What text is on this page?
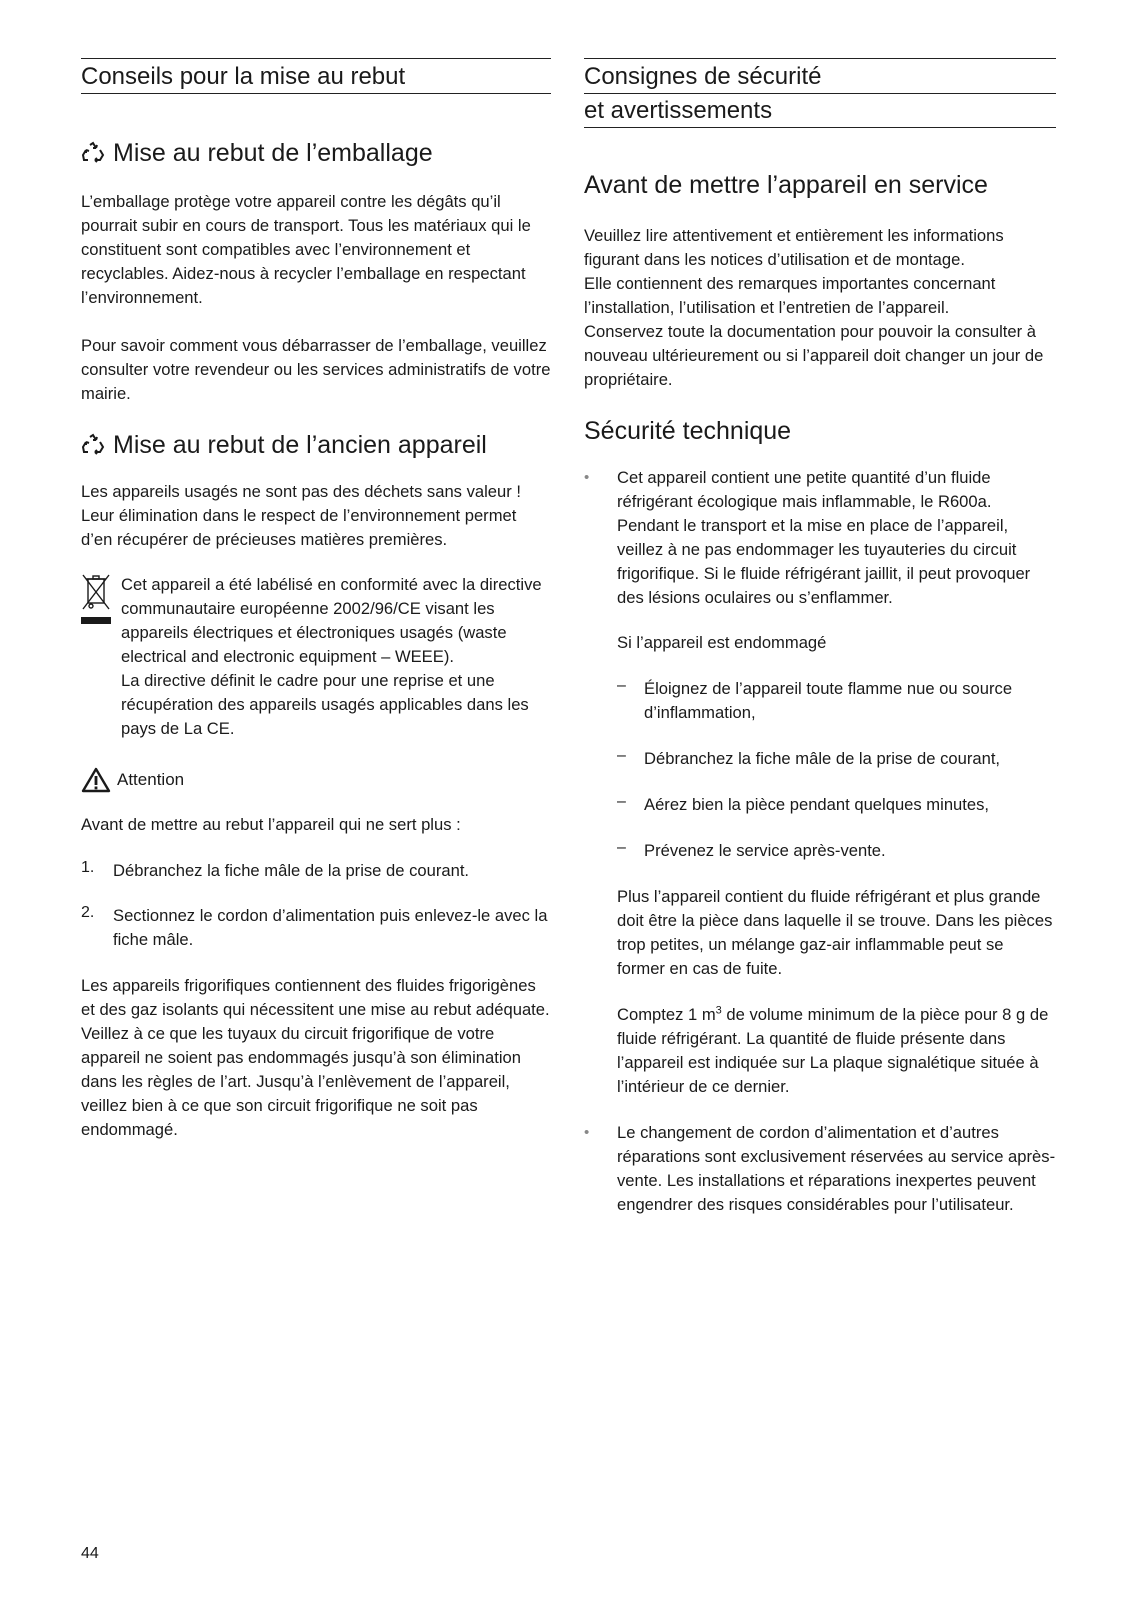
Conseils pour la mise au rebut
Mise au rebut de l’emballage

L’emballage protège votre appareil contre les dégâts qu’il pourrait subir en cours de transport. Tous les matériaux qui le constituent sont compatibles avec l’environnement et recyclables. Aidez-nous à recycler l’emballage en respectant l’environnement.

Pour savoir comment vous débarrasser de l’emballage, veuillez consulter votre revendeur ou les services administratifs de votre mairie.

Mise au rebut de l’ancien appareil

Les appareils usagés ne sont pas des déchets sans valeur !

Leur élimination dans le respect de l’environnement permet d’en récupérer de précieuses matières premières.

Cet appareil a été labélisé en conformité avec la directive communautaire européenne 2002/96/CE visant les appareils électriques et électroniques usagés (waste electrical and electronic equipment – WEEE).

La directive définit le cadre pour une reprise et une récupération des appareils usagés applicables dans les pays de La CE.

Attention

Avant de mettre au rebut l’appareil qui ne sert plus :

1.	Débranchez la fiche mâle de la prise de courant.

2.	Sectionnez le cordon d’alimentation puis enlevez-le avec la fiche mâle.

Les appareils frigorifiques contiennent des fluides frigorigènes et des gaz isolants qui nécessitent une mise au rebut adéquate. Veillez à ce que les tuyaux du circuit frigorifique de votre appareil ne soient pas endommagés jusqu’à son élimination dans les règles de l’art. Jusqu’à l’enlèvement de l’appareil, veillez bien à ce que son circuit frigorifique ne soit pas endommagé.

Consignes de sécurité
et avertissements
Avant de mettre l’appareil en service

Veuillez lire attentivement et entièrement les informations figurant dans les notices d’utilisation et de montage.

Elle contiennent des remarques importantes concernant l’installation, l’utilisation et l’entretien de l’appareil.

Conservez toute la documentation pour pouvoir la consulter à nouveau ultérieurement ou si l’appareil doit changer un jour de propriétaire.

Sécurité technique
•	Cet appareil contient une petite quantité d’un fluide réfrigérant écologique mais inflammable, le R600a. Pendant le transport et la mise en place de l’appareil, veillez à ne pas endommager les tuyauteries du circuit frigorifique. Si le fluide réfrigérant jaillit, il peut provoquer des lésions oculaires ou s’enflammer.

Si l’appareil est endommagé
–	Éloignez de l’appareil toute flamme nue ou source d’inflammation,

–	Débranchez la fiche mâle de la prise de courant,

–	Aérez bien la pièce pendant quelques minutes,

–	Prévenez le service après-vente.

Plus l’appareil contient du fluide réfrigérant et plus grande doit être la pièce dans laquelle il se trouve. Dans les pièces trop petites, un mélange gaz-air inflammable peut se former en cas de fuite.

Comptez 1 $m^3$ de volume minimum de la pièce pour 8 g de fluide réfrigérant. La quantité de fluide présente dans l’appareil est indiquée sur La plaque signalétique située à l’intérieur de ce dernier.

•	Le changement de cordon d’alimentation et d’autres réparations sont exclusivement réservées au service après-vente. Les installations et réparations inexpertes peuvent engendrer des risques considérables pour l’utilisateur.

44
